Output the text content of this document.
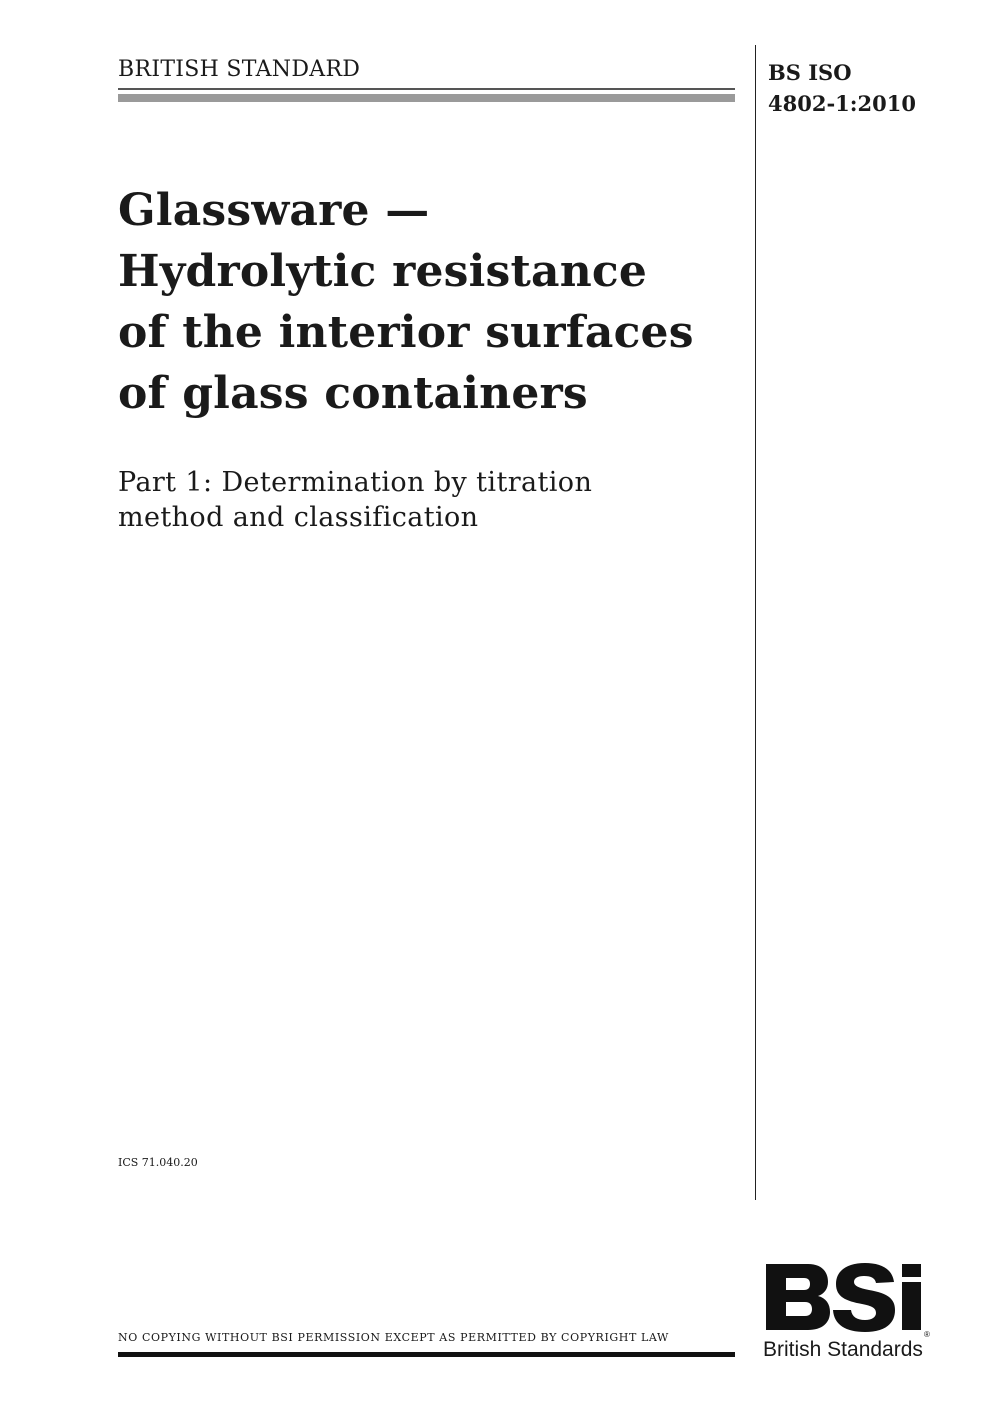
BRITISH STANDARD	BS ISO
4802-1:2010
Glassware —
Hydrolytic resistance
of the interior surfaces
of glass containers
Part 1: Determination by titration
method and classification
ICS 71.040.20
NO COPYING WITHOUT BSI PERMISSION EXCEPT AS PERMITTED BY COPYRIGHT LAW	®
British Standards
